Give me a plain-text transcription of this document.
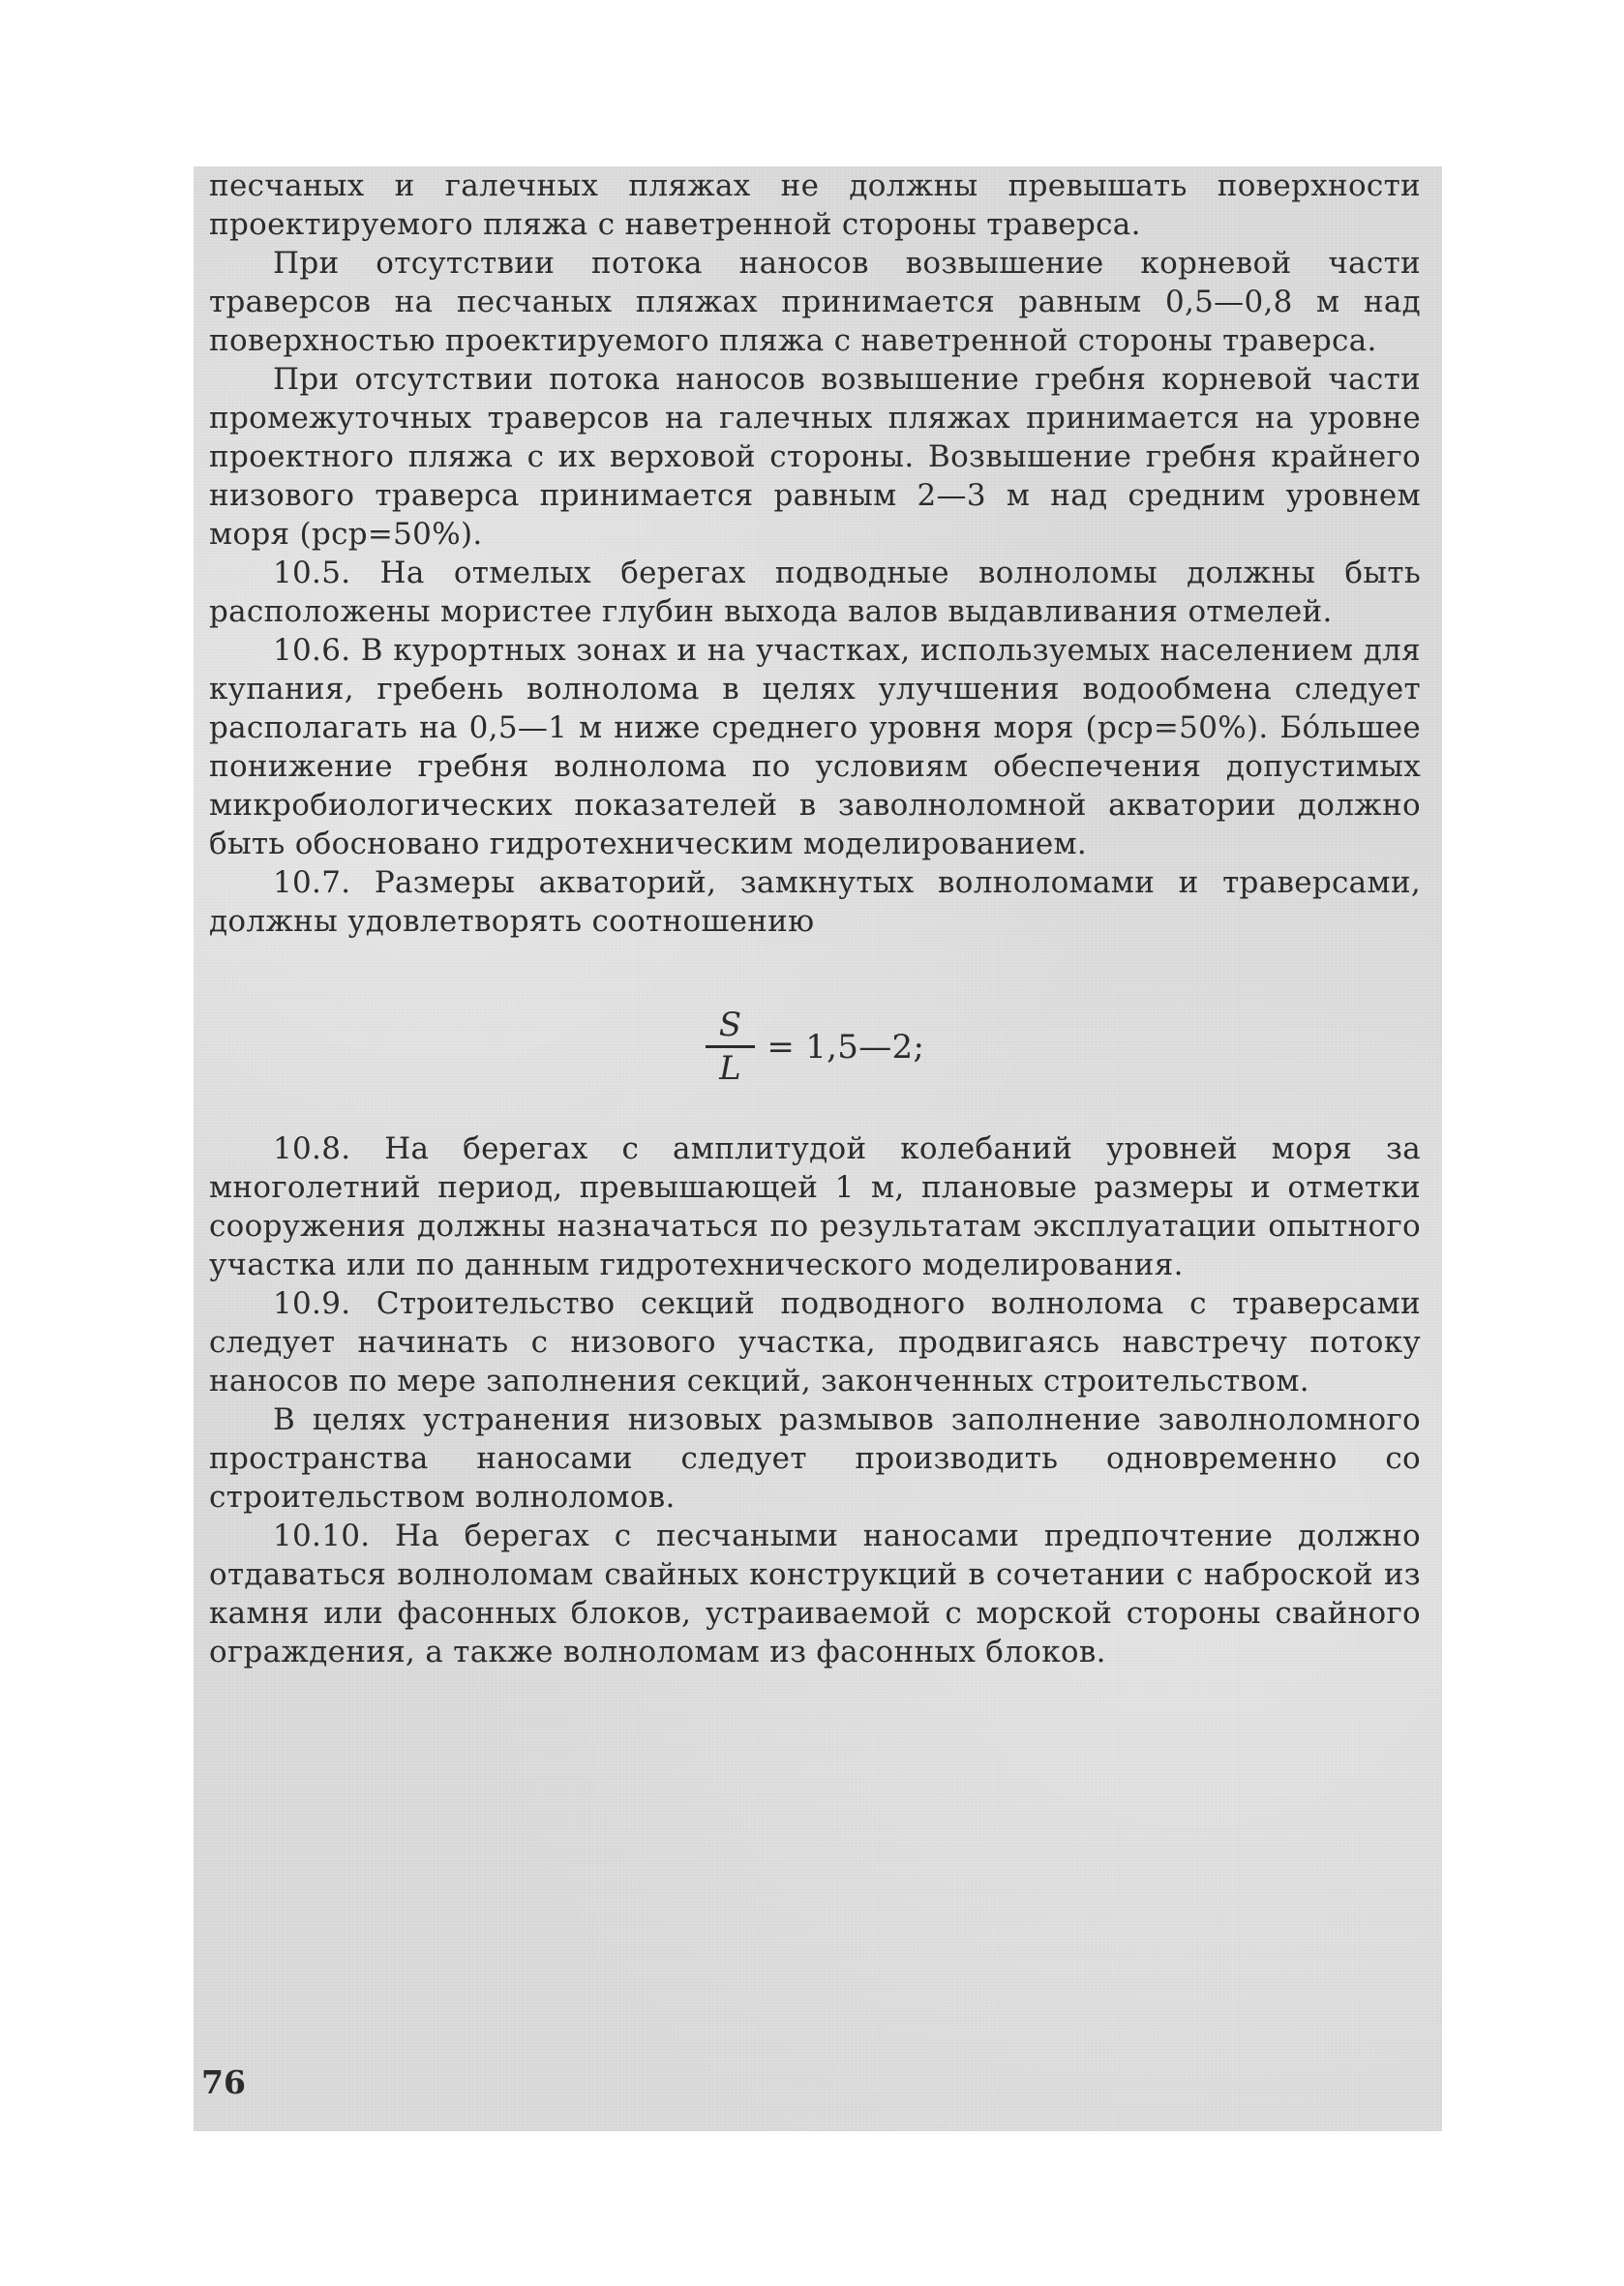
песчаных и галечных пляжах не должны превышать поверхности проектируемого пляжа с наветренной стороны траверса.

При отсутствии потока наносов возвышение корневой части траверсов на песчаных пляжах принимается равным 0,5—0,8 м над поверхностью проектируемого пляжа с наветренной стороны траверса.

При отсутствии потока наносов возвышение гребня корневой части промежуточных траверсов на галечных пляжах принимается на уровне проектного пляжа с их верховой стороны. Возвышение гребня крайнего низового траверса принимается равным 2—3 м над средним уровнем моря (pср=50%).

10.5. На отмелых берегах подводные волноломы должны быть расположены мористее глубин выхода валов выдавливания отмелей.

10.6. В курортных зонах и на участках, используемых населением для купания, гребень волнолома в целях улучшения водообмена следует располагать на 0,5—1 м ниже среднего уровня моря (pср=50%). Бо́льшее понижение гребня волнолома по условиям обеспечения допустимых микробиологических показателей в заволноломной акватории должно быть обосновано гидротехническим моделированием.

10.7. Размеры акваторий, замкнутых волноломами и траверсами, должны удовлетворять соотношению

$\frac{S}{L}$ = 1,5—2;

10.8. На берегах с амплитудой колебаний уровней моря за многолетний период, превышающей 1 м, плановые размеры и отметки сооружения должны назначаться по результатам эксплуатации опытного участка или по данным гидротехнического моделирования.

10.9. Строительство секций подводного волнолома с траверсами следует начинать с низового участка, продвигаясь навстречу потоку наносов по мере заполнения секций, законченных строительством.

В целях устранения низовых размывов заполнение заволноломного пространства наносами следует производить одновременно со строительством волноломов.

10.10. На берегах с песчаными наносами предпочтение должно отдаваться волноломам свайных конструкций в сочетании с наброской из камня или фасонных блоков, устраиваемой с морской стороны свайного ограждения, а также волноломам из фасонных блоков.

76
